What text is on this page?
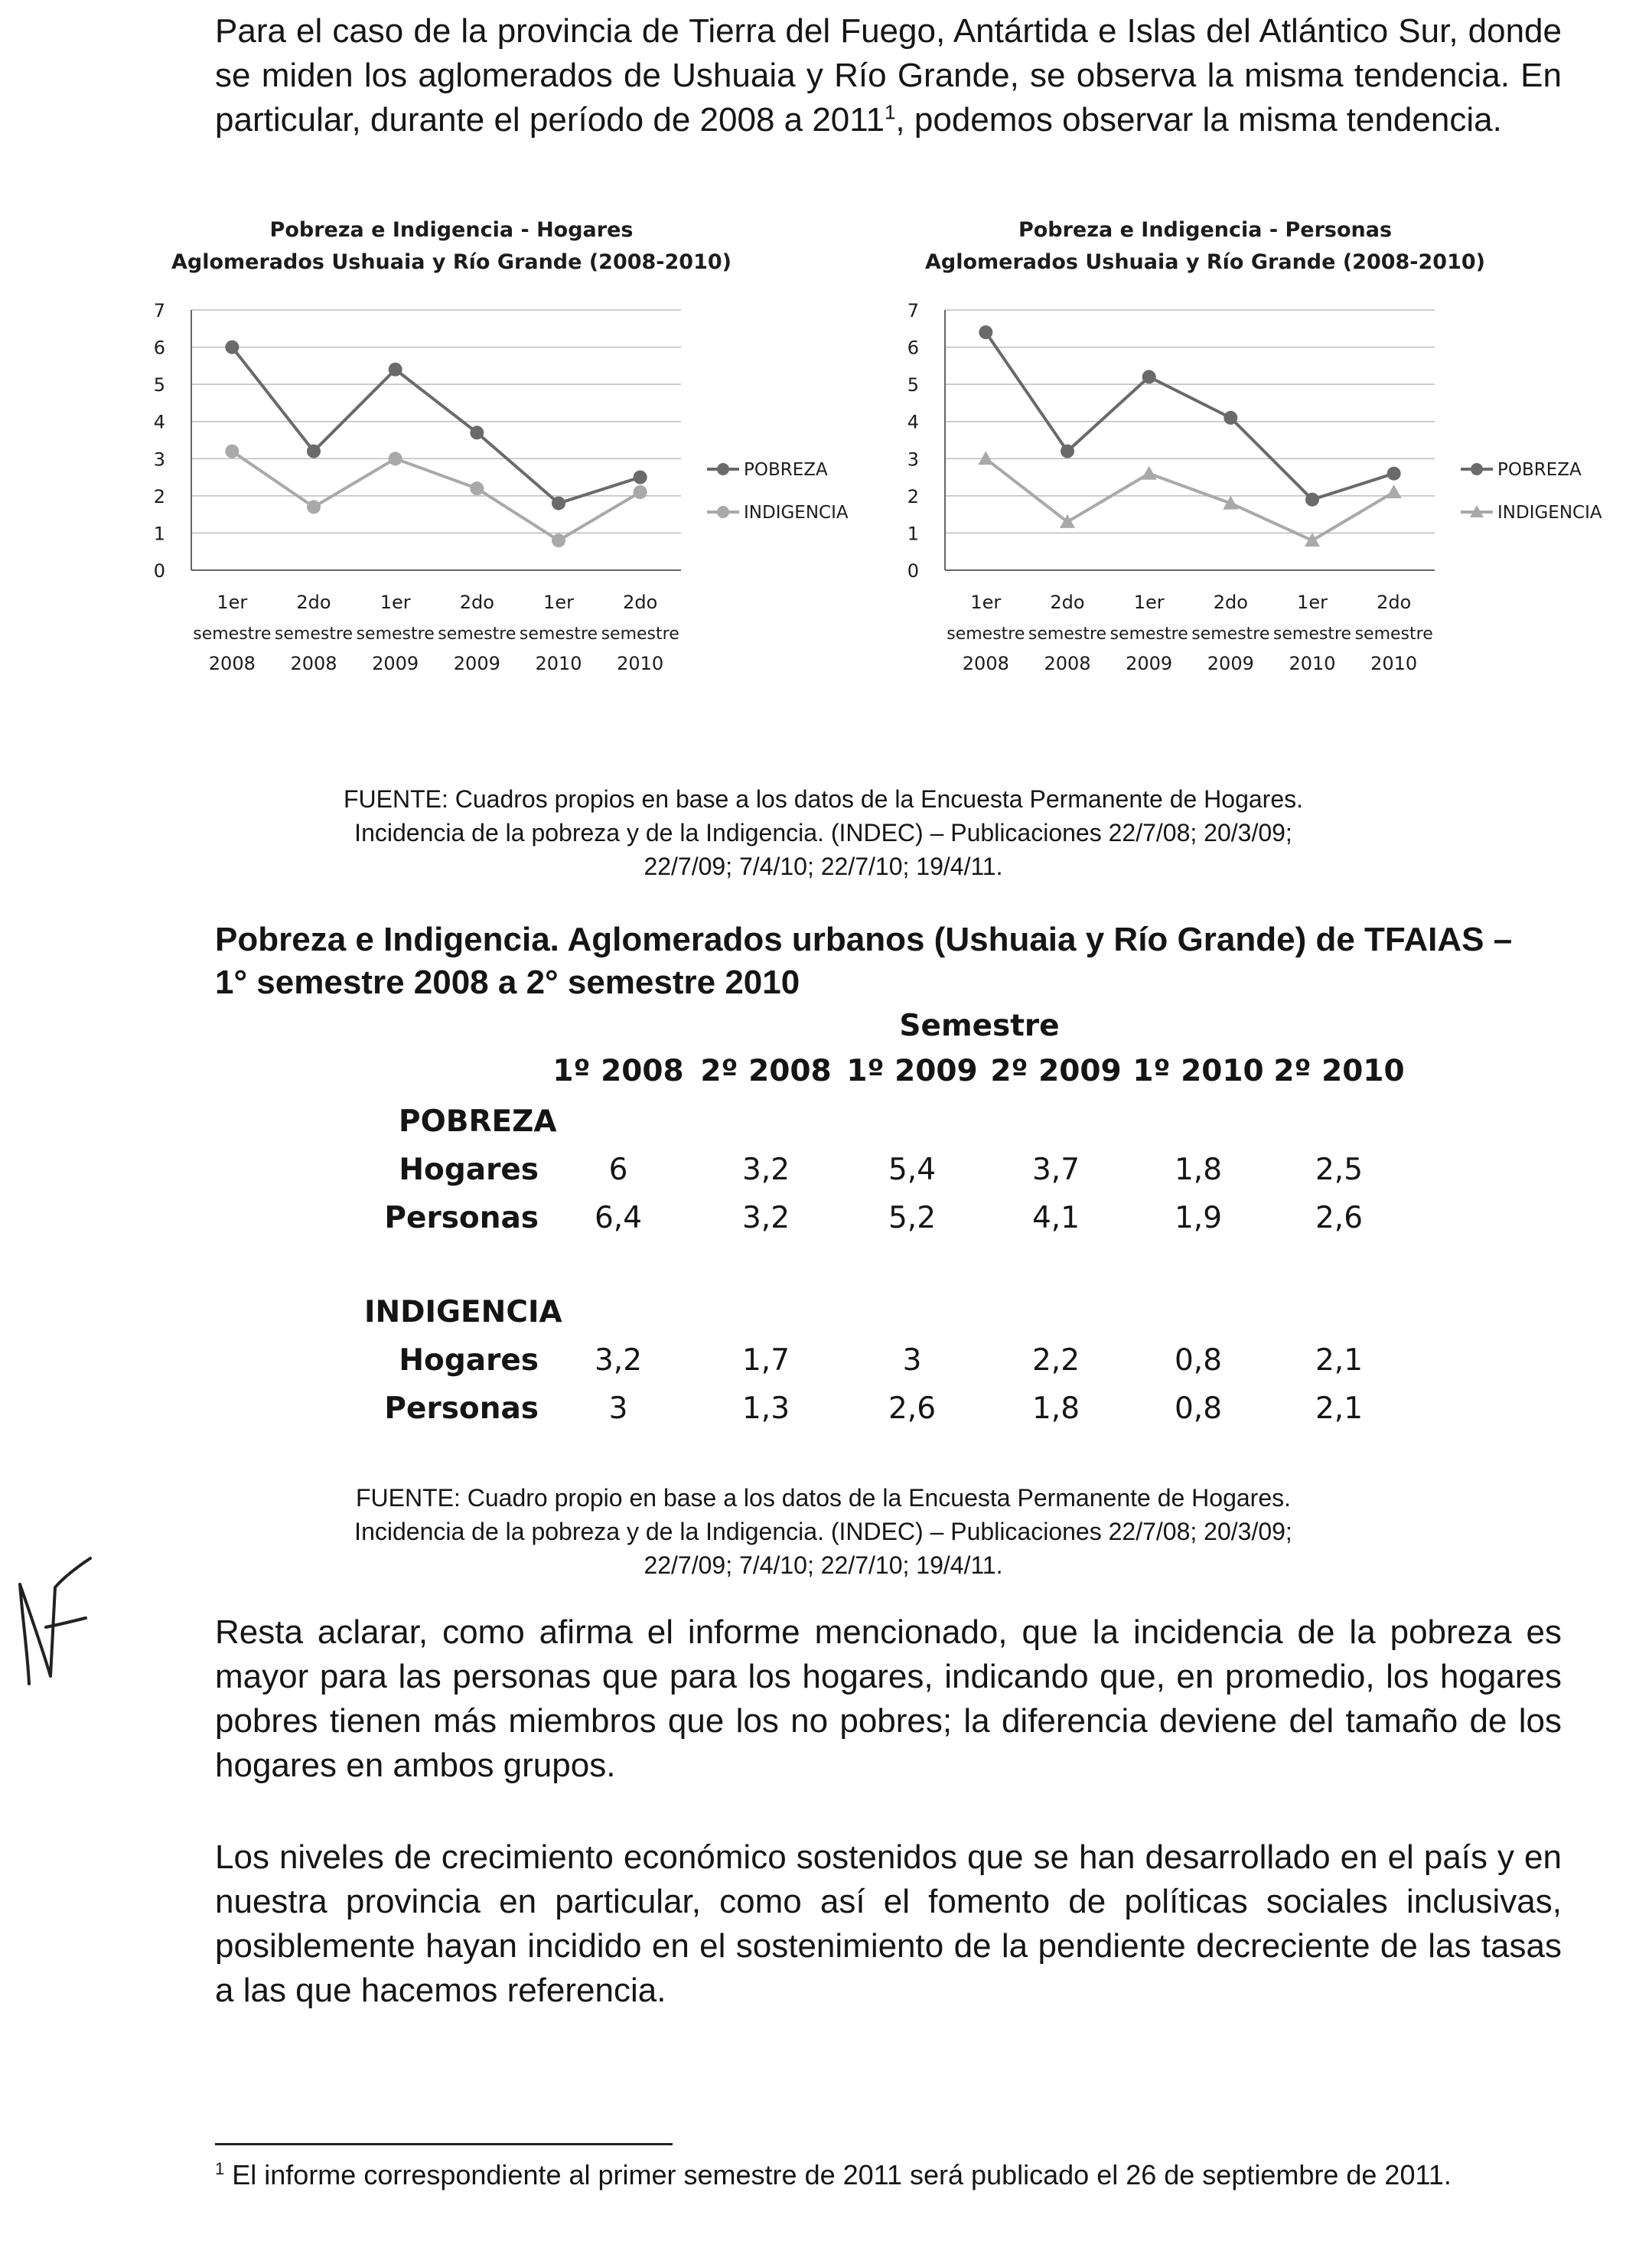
Para el caso de la provincia de Tierra del Fuego, Antártida e Islas del Atlántico Sur, donde se miden los aglomerados de Ushuaia y Río Grande, se observa la misma tendencia. En particular, durante el período de 2008 a 2011$^1$, podemos observar la misma tendencia.

Pobreza e Indigencia - Hogares
Aglomerados Ushuaia y Río Grande (2008-2010)
0
1
2
3
4
5
6
7
1er
semestre
2008
2do
semestre
2008
1er
semestre
2009
2do
semestre
2009
1er
semestre
2010
2do
semestre
2010
POBREZA
INDIGENCIA
Pobreza e Indigencia - Personas
Aglomerados Ushuaia y Río Grande (2008-2010)
0
1
2
3
4
5
6
7
1er
semestre
2008
2do
semestre
2008
1er
semestre
2009
2do
semestre
2009
1er
semestre
2010
2do
semestre
2010
POBREZA
INDIGENCIA
FUENTE: Cuadros propios en base a los datos de la Encuesta Permanente de Hogares.
Incidencia de la pobreza y de la Indigencia. (INDEC) – Publicaciones 22/7/08; 20/3/09;
22/7/09; 7/4/10; 22/7/10; 19/4/11.
Pobreza e Indigencia. Aglomerados urbanos (Ushuaia y Río Grande) de TFAIAS –
1° semestre 2008 a 2° semestre 2010
Semestre
1º 2008 2º 2008 1º 2009 2º 2009 1º 2010 2º 2010
POBREZA
Hogares 6	3,2	5,4	3,7	1,8	2,5
Personas 6,4	3,2	5,2	4,1	1,9	2,6
INDIGENCIA
Hogares 3,2	1,7	3	2,2	0,8	2,1
Personas 3	1,3	2,6	1,8	0,8	2,1
FUENTE: Cuadro propio en base a los datos de la Encuesta Permanente de Hogares.
Incidencia de la pobreza y de la Indigencia. (INDEC) – Publicaciones 22/7/08; 20/3/09;
22/7/09; 7/4/10; 22/7/10; 19/4/11.

Resta aclarar, como afirma el informe mencionado, que la incidencia de la pobreza es mayor para las personas que para los hogares, indicando que, en promedio, los hogares pobres tienen más miembros que los no pobres; la diferencia deviene del tamaño de los hogares en ambos grupos.

Los niveles de crecimiento económico sostenidos que se han desarrollado en el país y en nuestra provincia en particular, como así el fomento de políticas sociales inclusivas, posiblemente hayan incidido en el sostenimiento de la pendiente decreciente de las tasas a las que hacemos referencia.

$^1$ El informe correspondiente al primer semestre de 2011 será publicado el 26 de septiembre de 2011.
